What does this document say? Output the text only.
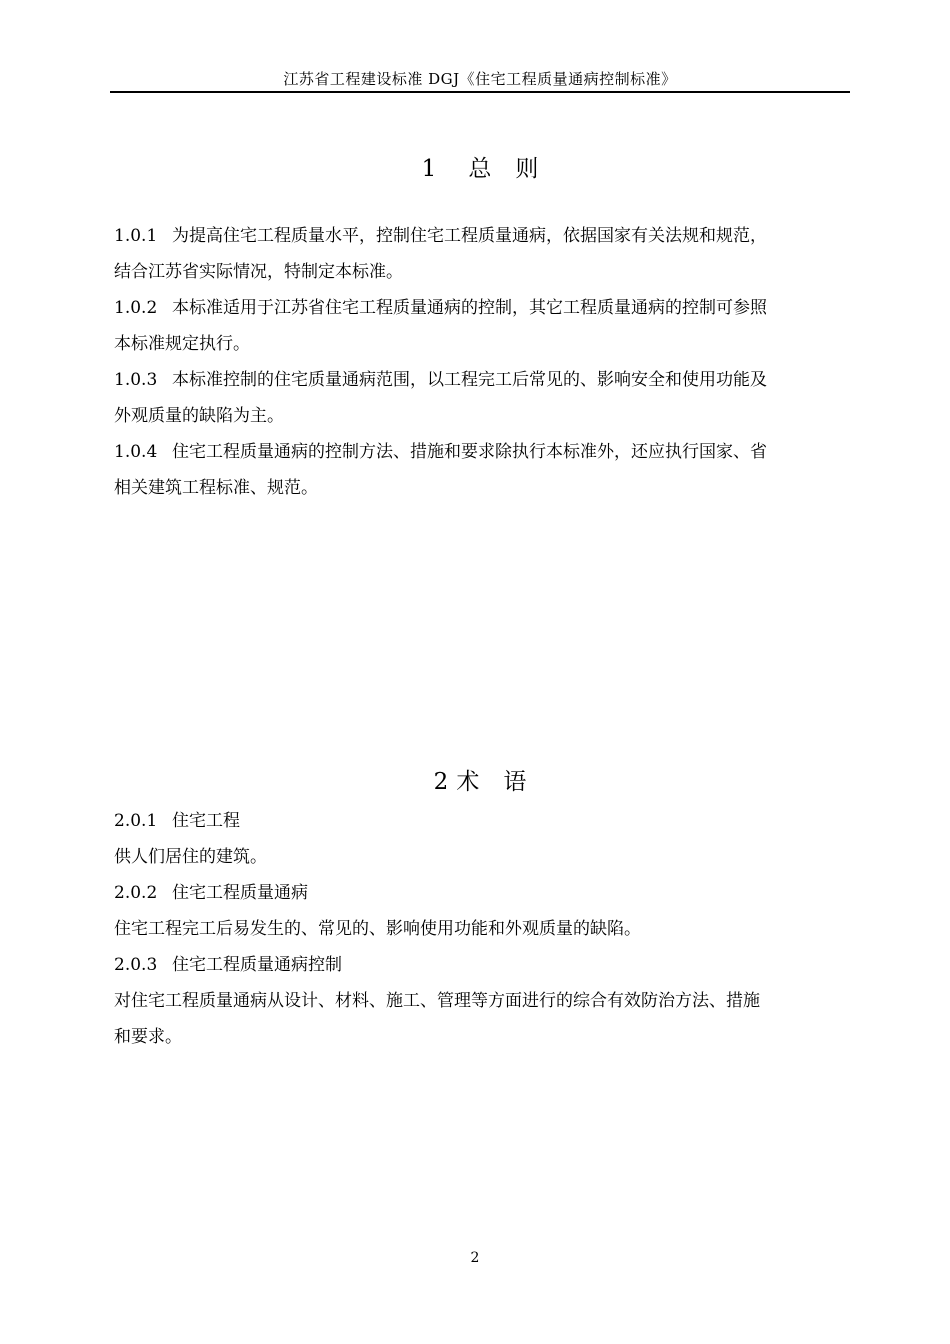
江苏省工程建设标准 DGJ《住宅工程质量通病控制标准》
1 总 则

1.0.1 为提高住宅工程质量水平，控制住宅工程质量通病，依据国家有关法规和规范，
结合江苏省实际情况，特制定本标准。

1.0.2 本标准适用于江苏省住宅工程质量通病的控制，其它工程质量通病的控制可参照
本标准规定执行。

1.0.3 本标准控制的住宅质量通病范围，以工程完工后常见的、影响安全和使用功能及
外观质量的缺陷为主。

1.0.4 住宅工程质量通病的控制方法、措施和要求除执行本标准外，还应执行国家、省
相关建筑工程标准、规范。

2 术 语

2.0.1 住宅工程

供人们居住的建筑。

2.0.2 住宅工程质量通病

住宅工程完工后易发生的、常见的、影响使用功能和外观质量的缺陷。

2.0.3 住宅工程质量通病控制

对住宅工程质量通病从设计、材料、施工、管理等方面进行的综合有效防治方法、措施
和要求。

2
